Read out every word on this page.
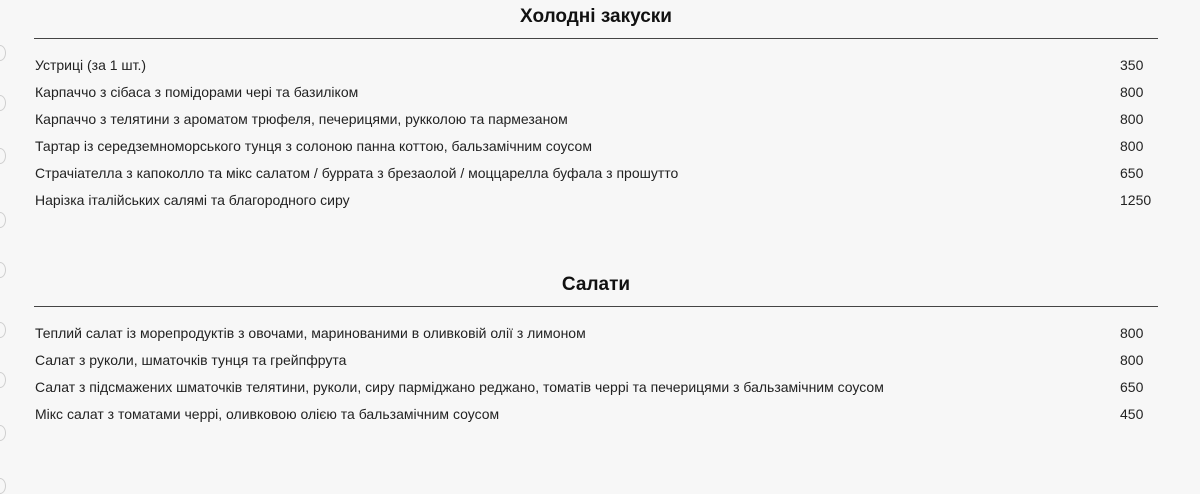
Холодні закуски
Устриці (за 1 шт.)	350
Карпаччо з сібаса з помідорами черi та базиліком	800
Карпаччо з телятини з ароматом трюфеля, печерицями, рукколою та пармезаном	800
Тартар із середземноморського тунця з солоною панна коттою, бальзамічним соусом	800
Страчіателла з капоколло та мікс салатом / буррата з брезаолой / моццарелла буфала з прошутто	650
Нарізка італійських салямі та благородного сиру	1250
Салати
Теплий салат із морепродуктів з овочами, маринованими в оливковій олії з лимоном	800
Салат з руколи, шматочків тунця та грейпфрута	800
Салат з підсмажених шматочків телятини, руколи, сиру парміджано реджано, томатів черрі та печерицями з бальзамічним соусом	650
Мікс салат з томатами черрі, оливковою олією та бальзамічним соусом	450
